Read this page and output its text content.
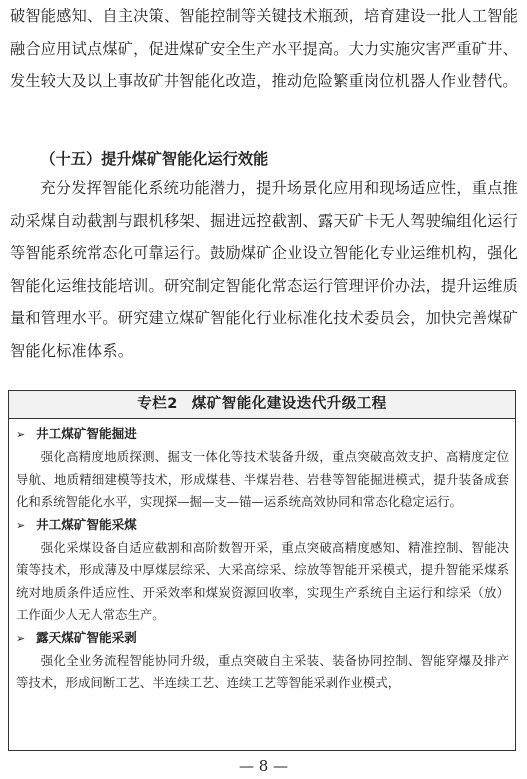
破智能感知、自主决策、智能控制等关键技术瓶颈，培育建设一批人工智能融合应用试点煤矿，促进煤矿安全生产水平提高。大力实施灾害严重矿井、发生较大及以上事故矿井智能化改造，推动危险繁重岗位机器人作业替代。

（十五）提升煤矿智能化运行效能

充分发挥智能化系统功能潜力，提升场景化应用和现场适应性，重点推动采煤自动截割与跟机移架、掘进远控截割、露天矿卡无人驾驶编组化运行等智能系统常态化可靠运行。鼓励煤矿企业设立智能化专业运维机构，强化智能化运维技能培训。研究制定智能化常态运行管理评价办法，提升运维质量和管理水平。研究建立煤矿智能化行业标准化技术委员会，加快完善煤矿智能化标准体系。

专栏2 煤矿智能化建设迭代升级工程

➢ 井工煤矿智能掘进

强化高精度地质探测、掘支一体化等技术装备升级，重点突破高效支护、高精度定位导航、地质精细建模等技术，形成煤巷、半煤岩巷、岩巷等智能掘进模式，提升装备成套化和系统智能化水平，实现探—掘—支—锚—运系统高效协同和常态化稳定运行。

➢ 井工煤矿智能采煤

强化采煤设备自适应截割和高阶数智开采，重点突破高精度感知、精准控制、智能决策等技术，形成薄及中厚煤层综采、大采高综采、综放等智能开采模式，提升智能采煤系统对地质条件适应性、开采效率和煤炭资源回收率，实现生产系统自主运行和综采（放）工作面少人无人常态生产。

➢ 露天煤矿智能采剥

强化全业务流程智能协同升级，重点突破自主采装、装备协同控制、智能穿爆及排产等技术，形成间断工艺、半连续工艺、连续工艺等智能采剥作业模式，

— 8 —
